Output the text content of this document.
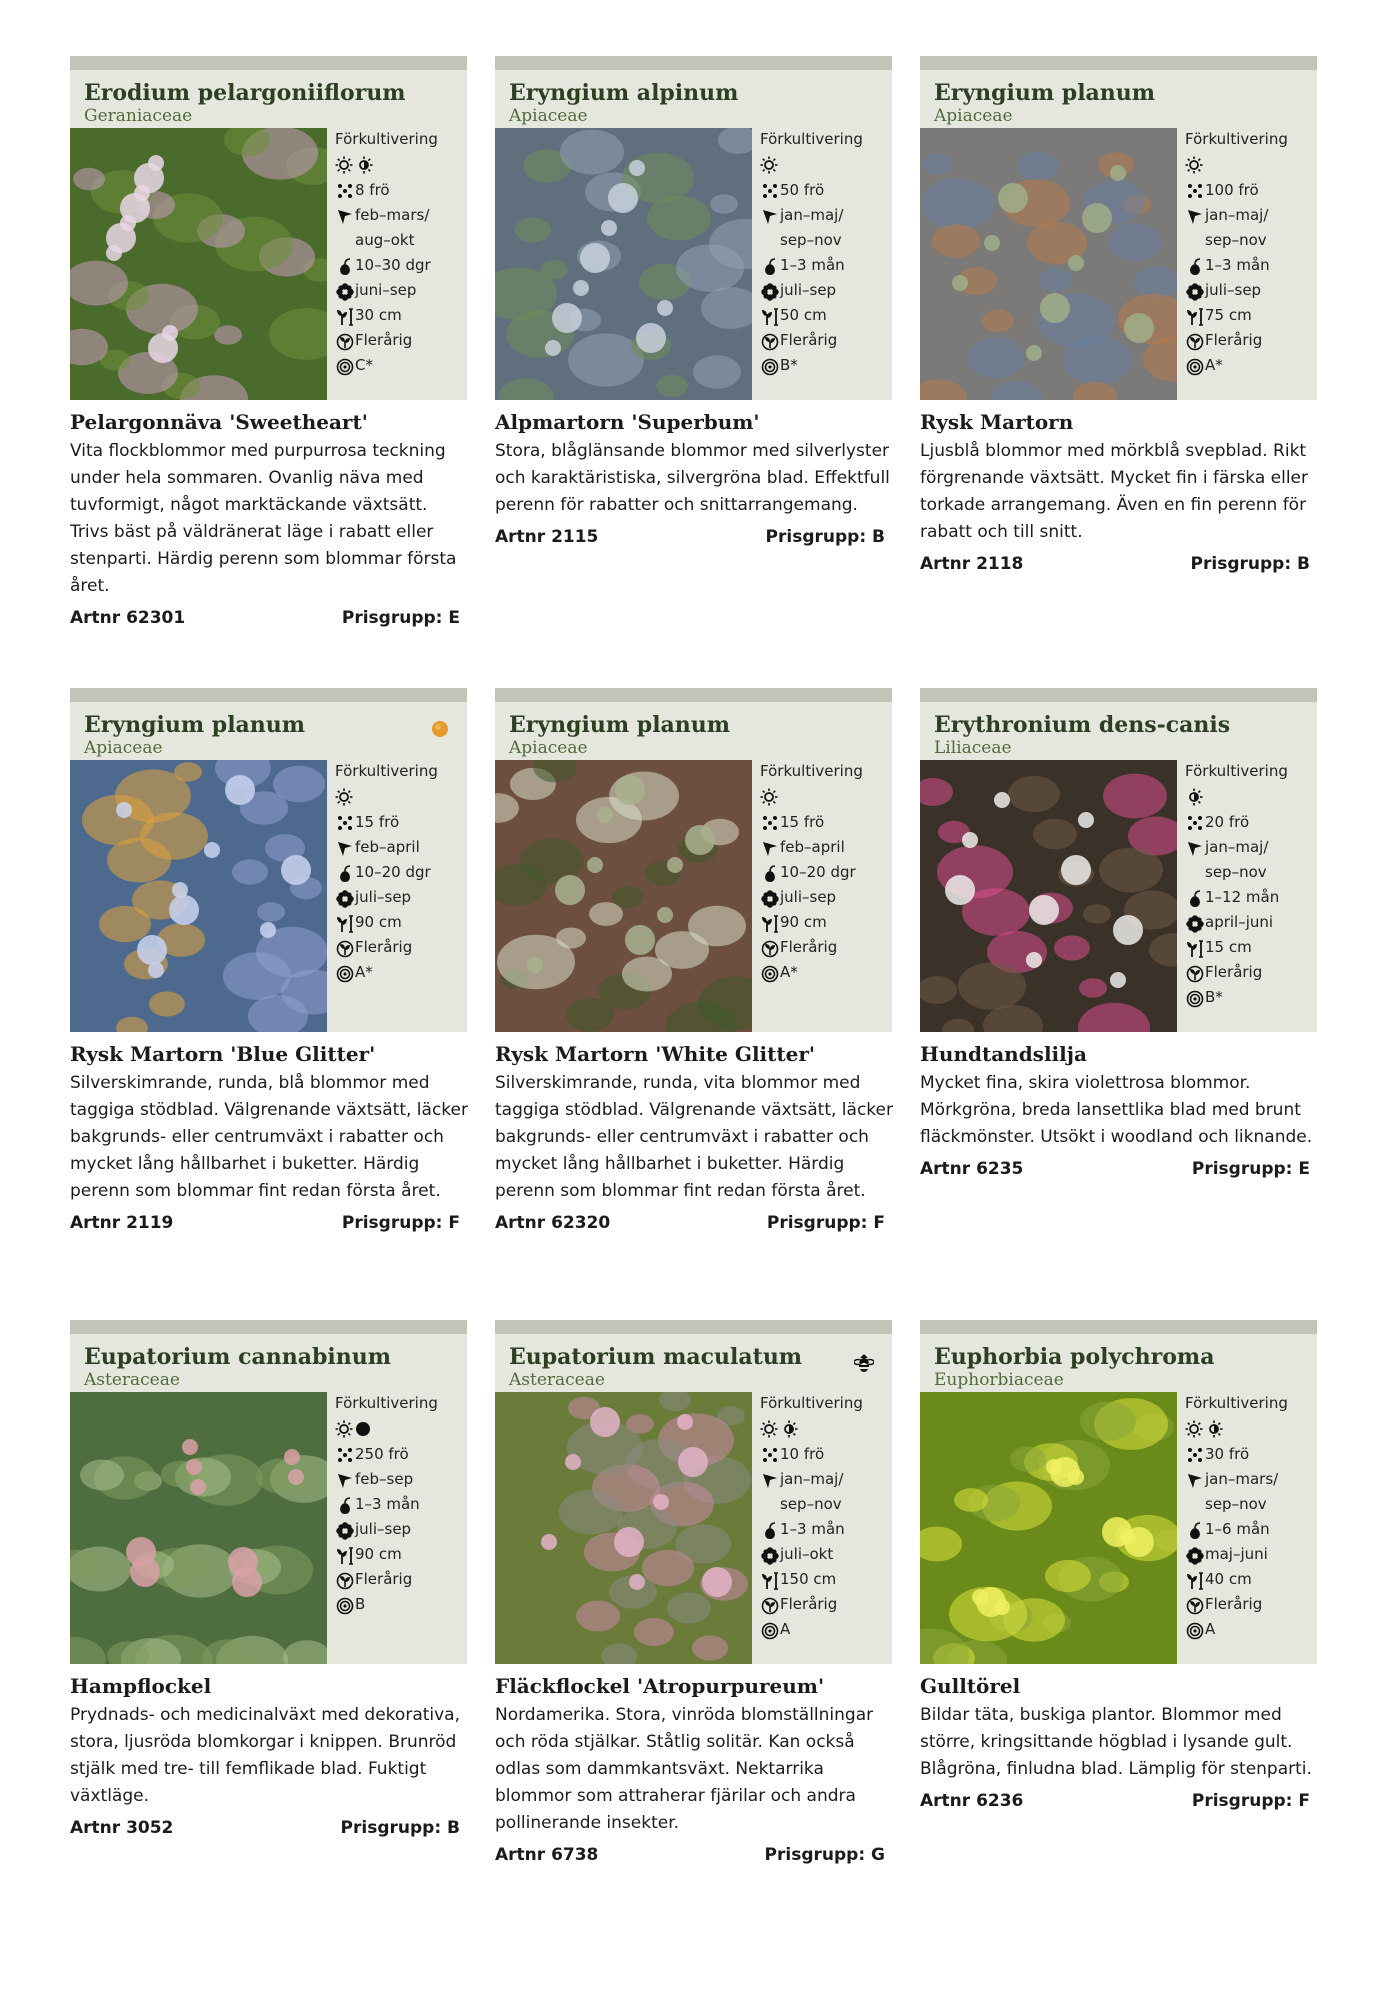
Erodium pelargoniiflorum
Geraniaceae
Förkultivering
8 frö
feb–mars/
aug–okt
10–30 dgr
juni–sep
30 cm
Flerårig
C*
Pelargonnäva 'Sweetheart'
Vita flockblommor med purpurrosa teckning under hela sommaren. Ovanlig näva med tuvformigt, något marktäckande växtsätt. Trivs bäst på väldränerat läge i rabatt eller stenparti. Härdig perenn som blommar första året.
Artnr 62301	Prisgrupp: E
Eryngium alpinum
Apiaceae
Förkultivering
50 frö
jan–maj/
sep–nov
1–3 mån
juli–sep
50 cm
Flerårig
B*
Alpmartorn 'Superbum'
Stora, blåglänsande blommor med silverlyster och karaktäristiska, silvergröna blad. Effektfull perenn för rabatter och snittarrangemang.
Artnr 2115	Prisgrupp: B
Eryngium planum
Apiaceae
Förkultivering
100 frö
jan–maj/
sep–nov
1–3 mån
juli–sep
75 cm
Flerårig
A*
Rysk Martorn
Ljusblå blommor med mörkblå svepblad. Rikt förgrenande växtsätt. Mycket fin i färska eller torkade arrangemang. Även en fin perenn för rabatt och till snitt.
Artnr 2118	Prisgrupp: B
Eryngium planum
Apiaceae
Förkultivering
15 frö
feb–april
10–20 dgr
juli–sep
90 cm
Flerårig
A*
Rysk Martorn 'Blue Glitter'
Silverskimrande, runda, blå blommor med taggiga stödblad. Välgrenande växtsätt, läcker bakgrunds- eller centrumväxt i rabatter och mycket lång hållbarhet i buketter. Härdig perenn som blommar fint redan första året.
Artnr 2119	Prisgrupp: F
Eryngium planum
Apiaceae
Förkultivering
15 frö
feb–april
10–20 dgr
juli–sep
90 cm
Flerårig
A*
Rysk Martorn 'White Glitter'
Silverskimrande, runda, vita blommor med taggiga stödblad. Välgrenande växtsätt, läcker bakgrunds- eller centrumväxt i rabatter och mycket lång hållbarhet i buketter. Härdig perenn som blommar fint redan första året.
Artnr 62320	Prisgrupp: F
Erythronium dens-canis
Liliaceae
Förkultivering
20 frö
jan–maj/
sep–nov
1–12 mån
april–juni
15 cm
Flerårig
B*
Hundtandslilja
Mycket fina, skira violettrosa blommor. Mörkgröna, breda lansettlika blad med brunt fläckmönster. Utsökt i woodland och liknande.
Artnr 6235	Prisgrupp: E
Eupatorium cannabinum
Asteraceae
Förkultivering
250 frö
feb–sep
1–3 mån
juli–sep
90 cm
Flerårig
B
Hampflockel
Prydnads- och medicinalväxt med dekorativa, stora, ljusröda blomkorgar i knippen. Brunröd stjälk med tre- till femflikade blad. Fuktigt växtläge.
Artnr 3052	Prisgrupp: B
Eupatorium maculatum
Asteraceae
Förkultivering
10 frö
jan–maj/
sep–nov
1–3 mån
juli–okt
150 cm
Flerårig
A
Fläckflockel 'Atropurpureum'
Nordamerika. Stora, vinröda blomställningar och röda stjälkar. Ståtlig solitär. Kan också odlas som dammkantsväxt. Nektarrika blommor som attraherar fjärilar och andra pollinerande insekter.
Artnr 6738	Prisgrupp: G
Euphorbia polychroma
Euphorbiaceae
Förkultivering
30 frö
jan–mars/
sep–nov
1–6 mån
maj–juni
40 cm
Flerårig
A
Gulltörel
Bildar täta, buskiga plantor. Blommor med större, kringsittande högblad i lysande gult. Blågröna, finludna blad. Lämplig för stenparti.
Artnr 6236	Prisgrupp: F
